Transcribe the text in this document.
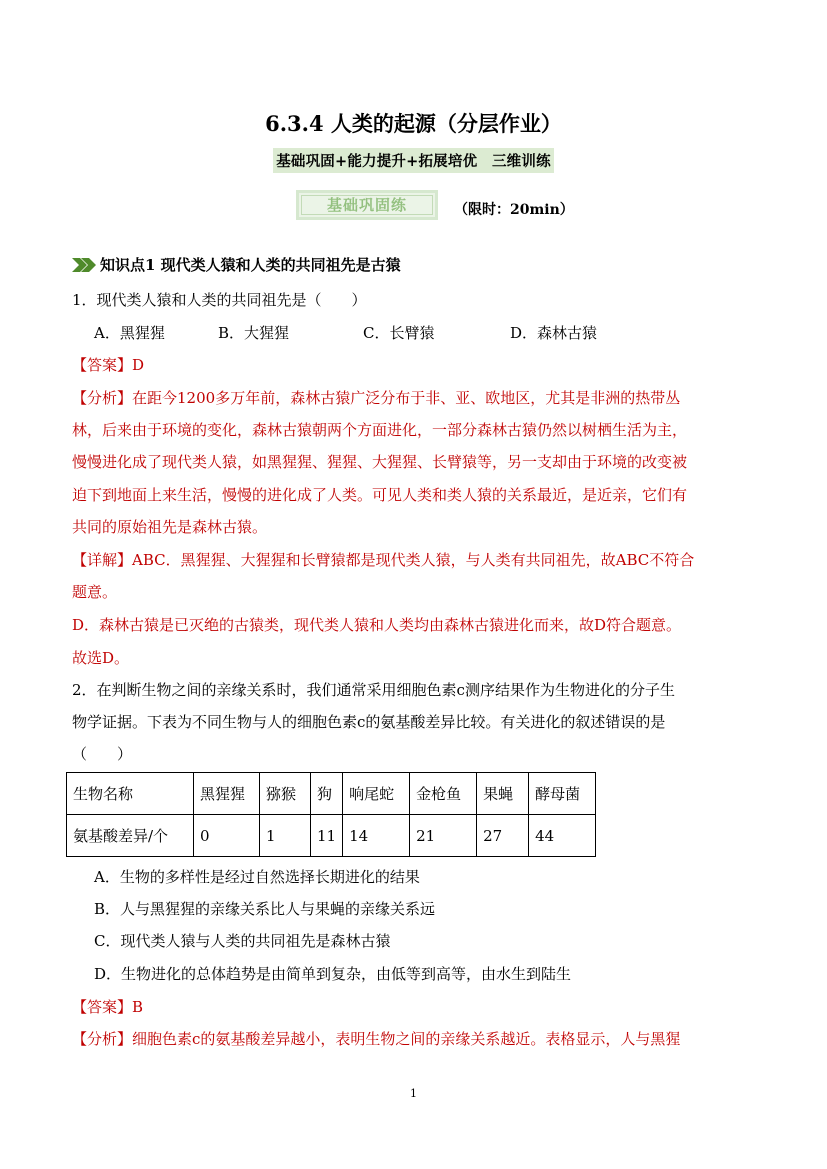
6.3.4 人类的起源（分层作业）
基础巩固+能力提升+拓展培优　三维训练
基础巩固练	（限时：20min）
知识点1 现代类人猿和人类的共同祖先是古猿
1．现代类人猿和人类的共同祖先是（　　）
A．黑猩猩	B．大猩猩	C．长臂猿	D．森林古猿
【答案】D
【分析】在距今1200多万年前，森林古猿广泛分布于非、亚、欧地区，尤其是非洲的热带丛
林，后来由于环境的变化，森林古猿朝两个方面进化，一部分森林古猿仍然以树栖生活为主，
慢慢进化成了现代类人猿，如黑猩猩、猩猩、大猩猩、长臂猿等，另一支却由于环境的改变被
迫下到地面上来生活，慢慢的进化成了人类。可见人类和类人猿的关系最近，是近亲，它们有
共同的原始祖先是森林古猿。
【详解】ABC．黑猩猩、大猩猩和长臂猿都是现代类人猿，与人类有共同祖先，故ABC不符合
题意。
D．森林古猿是已灭绝的古猿类，现代类人猿和人类均由森林古猿进化而来，故D符合题意。
故选D。
2．在判断生物之间的亲缘关系时，我们通常采用细胞色素c测序结果作为生物进化的分子生
物学证据。下表为不同生物与人的细胞色素c的氨基酸差异比较。有关进化的叙述错误的是
（　　）
生物名称	黑猩猩	猕猴	狗	响尾蛇	金枪鱼	果蝇	酵母菌
氨基酸差异/个	0	1	11	14	21	27	44
A．生物的多样性是经过自然选择长期进化的结果
B．人与黑猩猩的亲缘关系比人与果蝇的亲缘关系远
C．现代类人猿与人类的共同祖先是森林古猿
D．生物进化的总体趋势是由简单到复杂，由低等到高等，由水生到陆生
【答案】B
【分析】细胞色素c的氨基酸差异越小，表明生物之间的亲缘关系越近。表格显示，人与黑猩
1
